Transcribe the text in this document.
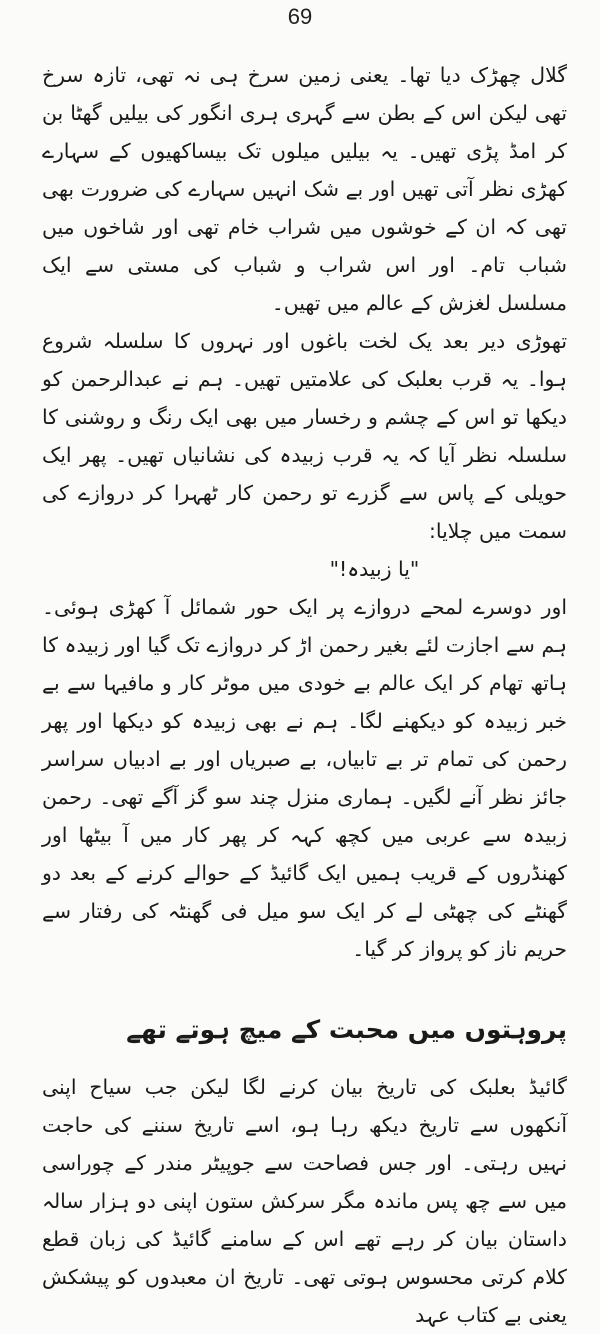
69

گلال چھڑک دیا تھا۔ یعنی زمین سرخ ہی نہ تھی، تازہ سرخ تھی لیکن اس کے بطن سے گہری ہری انگور کی بیلیں گھٹا بن کر امڈ پڑی تھیں۔ یہ بیلیں میلوں تک بیساکھیوں کے سہارے کھڑی نظر آتی تھیں اور بے شک انہیں سہارے کی ضرورت بھی تھی کہ ان کے خوشوں میں شراب خام تھی اور شاخوں میں شباب تام۔ اور اس شراب و شباب کی مستی سے ایک مسلسل لغزش کے عالم میں تھیں۔

تھوڑی دیر بعد یک لخت باغوں اور نہروں کا سلسلہ شروع ہوا۔ یہ قرب بعلبک کی علامتیں تھیں۔ ہم نے عبدالرحمن کو دیکھا تو اس کے چشم و رخسار میں بھی ایک رنگ و روشنی کا سلسلہ نظر آیا کہ یہ قرب زبیدہ کی نشانیاں تھیں۔ پھر ایک حویلی کے پاس سے گزرے تو رحمن کار ٹھہرا کر دروازے کی سمت میں چلایا:

"یا زبیدہ!"

اور دوسرے لمحے دروازے پر ایک حور شمائل آ کھڑی ہوئی۔ ہم سے اجازت لئے بغیر رحمن اڑ کر دروازے تک گیا اور زبیدہ کا ہاتھ تھام کر ایک عالم بے خودی میں موٹر کار و مافیہا سے بے خبر زبیدہ کو دیکھنے لگا۔ ہم نے بھی زبیدہ کو دیکھا اور پھر رحمن کی تمام تر بے تابیاں، بے صبریاں اور بے ادبیاں سراسر جائز نظر آنے لگیں۔ ہماری منزل چند سو گز آگے تھی۔ رحمن زبیدہ سے عربی میں کچھ کہہ کر پھر کار میں آ بیٹھا اور کھنڈروں کے قریب ہمیں ایک گائیڈ کے حوالے کرنے کے بعد دو گھنٹے کی چھٹی لے کر ایک سو میل فی گھنٹہ کی رفتار سے حریم ناز کو پرواز کر گیا۔

پروہتوں میں محبت کے میچ ہوتے تھے

گائیڈ بعلبک کی تاریخ بیان کرنے لگا لیکن جب سیاح اپنی آنکھوں سے تاریخ دیکھ رہا ہو، اسے تاریخ سننے کی حاجت نہیں رہتی۔ اور جس فصاحت سے جوپیٹر مندر کے چوراسی میں سے چھ پس ماندہ مگر سرکش ستون اپنی دو ہزار سالہ داستان بیان کر رہے تھے اس کے سامنے گائیڈ کی زبان قطع کلام کرتی محسوس ہوتی تھی۔ تاریخ ان معبدوں کو پیشکش یعنی بے کتاب عہد
